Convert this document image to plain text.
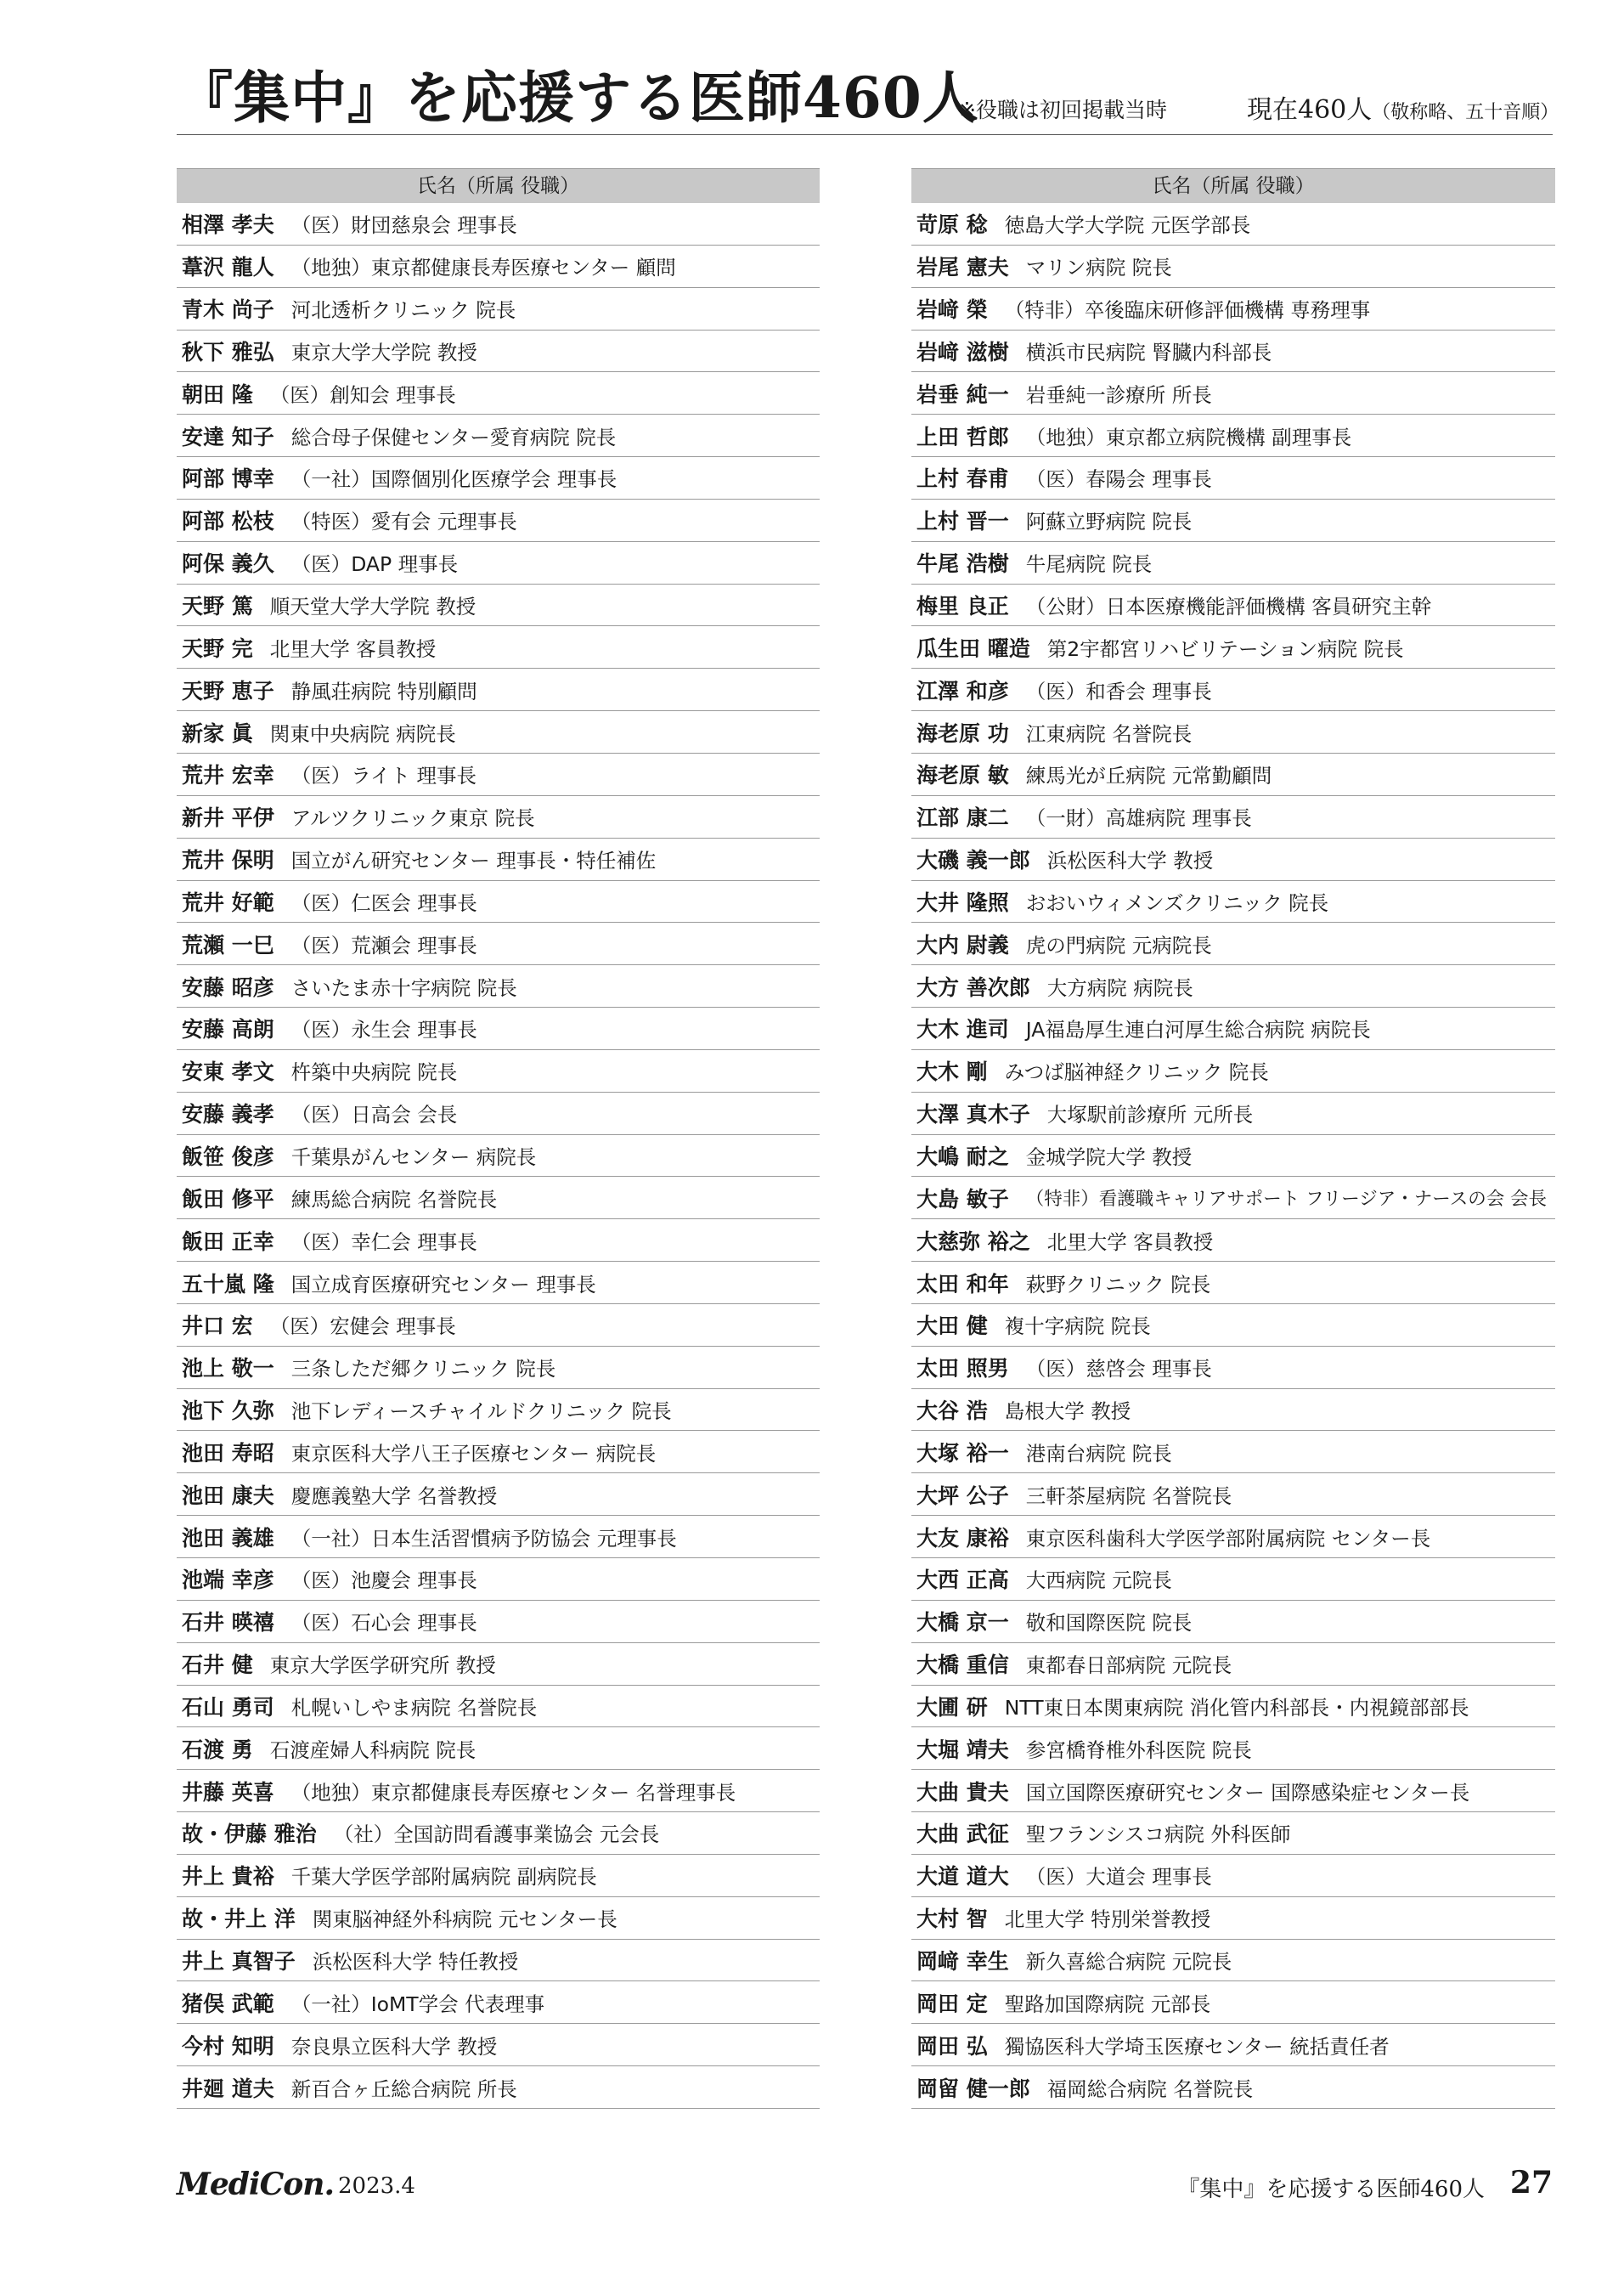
『集中』を応援する医師460人
※役職は初回掲載当時	現在460人（敬称略、五十音順）
氏名（所属 役職）
相澤 孝夫 （医）財団慈泉会 理事長
葦沢 龍人 （地独）東京都健康長寿医療センター 顧問
青木 尚子 河北透析クリニック 院長
秋下 雅弘 東京大学大学院 教授
朝田 隆 （医）創知会 理事長
安達 知子 総合母子保健センター愛育病院 院長
阿部 博幸 （一社）国際個別化医療学会 理事長
阿部 松枝 （特医）愛有会 元理事長
阿保 義久 （医）DAP 理事長
天野 篤 順天堂大学大学院 教授
天野 完 北里大学 客員教授
天野 恵子 静風荘病院 特別顧問
新家 眞 関東中央病院 病院長
荒井 宏幸 （医）ライト 理事長
新井 平伊 アルツクリニック東京 院長
荒井 保明 国立がん研究センター 理事長・特任補佐
荒井 好範 （医）仁医会 理事長
荒瀬 一巳 （医）荒瀬会 理事長
安藤 昭彦 さいたま赤十字病院 院長
安藤 高朗 （医）永生会 理事長
安東 孝文 杵築中央病院 院長
安藤 義孝 （医）日高会 会長
飯笹 俊彦 千葉県がんセンター 病院長
飯田 修平 練馬総合病院 名誉院長
飯田 正幸 （医）幸仁会 理事長
五十嵐 隆 国立成育医療研究センター 理事長
井口 宏 （医）宏健会 理事長
池上 敬一 三条しただ郷クリニック 院長
池下 久弥 池下レディースチャイルドクリニック 院長
池田 寿昭 東京医科大学八王子医療センター 病院長
池田 康夫 慶應義塾大学 名誉教授
池田 義雄 （一社）日本生活習慣病予防協会 元理事長
池端 幸彦 （医）池慶会 理事長
石井 暎禧 （医）石心会 理事長
石井 健 東京大学医学研究所 教授
石山 勇司 札幌いしやま病院 名誉院長
石渡 勇 石渡産婦人科病院 院長
井藤 英喜 （地独）東京都健康長寿医療センター 名誉理事長
故・伊藤 雅治 （社）全国訪問看護事業協会 元会長
井上 貴裕 千葉大学医学部附属病院 副病院長
故・井上 洋 関東脳神経外科病院 元センター長
井上 真智子 浜松医科大学 特任教授
猪俣 武範 （一社）IoMT学会 代表理事
今村 知明 奈良県立医科大学 教授
井廻 道夫 新百合ヶ丘総合病院 所長
氏名（所属 役職）
苛原 稔 徳島大学大学院 元医学部長
岩尾 憲夫 マリン病院 院長
岩﨑 榮 （特非）卒後臨床研修評価機構 専務理事
岩﨑 滋樹 横浜市民病院 腎臓内科部長
岩垂 純一 岩垂純一診療所 所長
上田 哲郎 （地独）東京都立病院機構 副理事長
上村 春甫 （医）春陽会 理事長
上村 晋一 阿蘇立野病院 院長
牛尾 浩樹 牛尾病院 院長
梅里 良正 （公財）日本医療機能評価機構 客員研究主幹
瓜生田 曜造 第2宇都宮リハビリテーション病院 院長
江澤 和彦 （医）和香会 理事長
海老原 功 江東病院 名誉院長
海老原 敏 練馬光が丘病院 元常勤顧問
江部 康二 （一財）高雄病院 理事長
大磯 義一郎 浜松医科大学 教授
大井 隆照 おおいウィメンズクリニック 院長
大内 尉義 虎の門病院 元病院長
大方 善次郎 大方病院 病院長
大木 進司 JA福島厚生連白河厚生総合病院 病院長
大木 剛 みつば脳神経クリニック 院長
大澤 真木子 大塚駅前診療所 元所長
大嶋 耐之 金城学院大学 教授
大島 敏子 （特非）看護職キャリアサポート フリージア・ナースの会 会長
大慈弥 裕之 北里大学 客員教授
太田 和年 萩野クリニック 院長
大田 健 複十字病院 院長
太田 照男 （医）慈啓会 理事長
大谷 浩 島根大学 教授
大塚 裕一 港南台病院 院長
大坪 公子 三軒茶屋病院 名誉院長
大友 康裕 東京医科歯科大学医学部附属病院 センター長
大西 正高 大西病院 元院長
大橋 京一 敬和国際医院 院長
大橋 重信 東都春日部病院 元院長
大圃 研 NTT東日本関東病院 消化管内科部長・内視鏡部部長
大堀 靖夫 参宮橋脊椎外科医院 院長
大曲 貴夫 国立国際医療研究センター 国際感染症センター長
大曲 武征 聖フランシスコ病院 外科医師
大道 道大 （医）大道会 理事長
大村 智 北里大学 特別栄誉教授
岡﨑 幸生 新久喜総合病院 元院長
岡田 定 聖路加国際病院 元部長
岡田 弘 獨協医科大学埼玉医療センター 統括責任者
岡留 健一郎 福岡総合病院 名誉院長
MediCon. 2023.4	『集中』を応援する医師460人 27
